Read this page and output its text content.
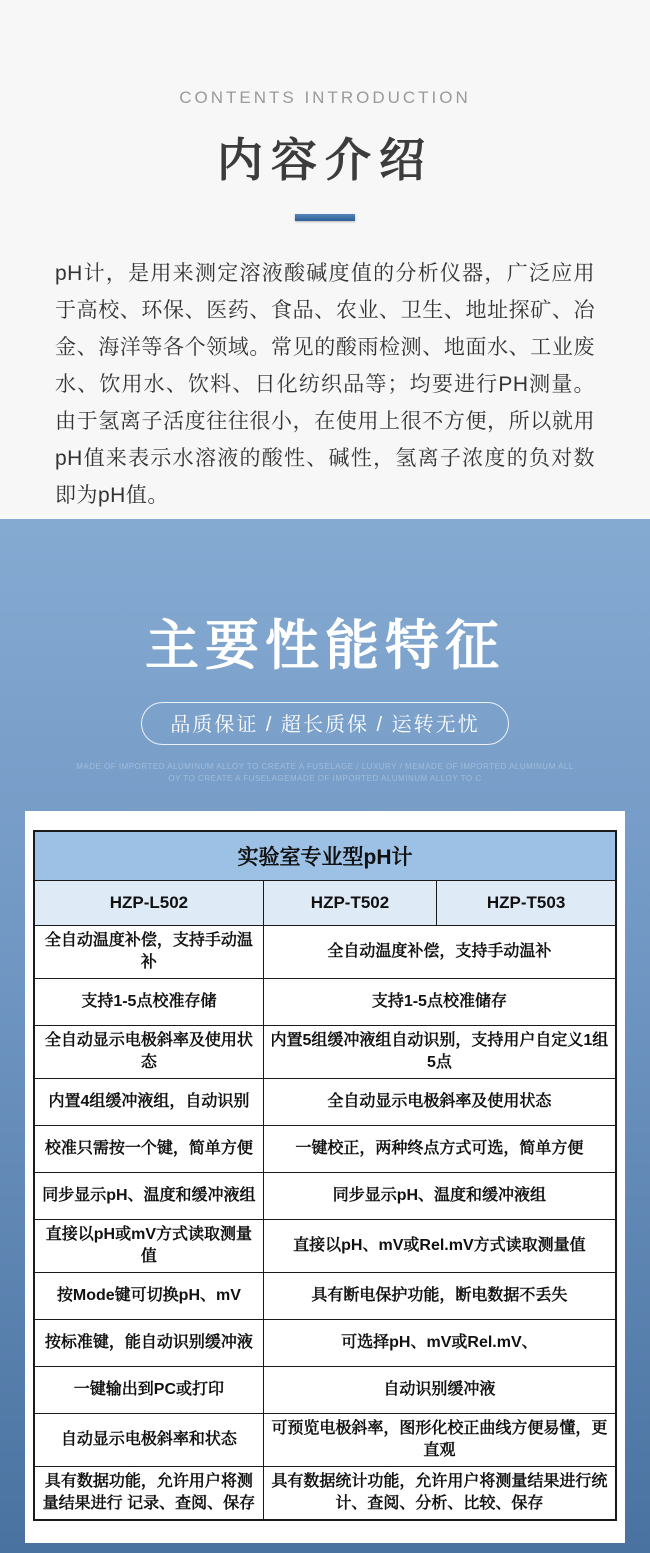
CONTENTS INTRODUCTION
内容介绍

pH计，是用来测定溶液酸碱度值的分析仪器，广泛应用于高校、环保、医药、食品、农业、卫生、地址探矿、冶金、海洋等各个领域。常见的酸雨检测、地面水、工业废水、饮用水、饮料、日化纺织品等；均要进行PH测量。由于氢离子活度往往很小，在使用上很不方便，所以就用pH值来表示水溶液的酸性、碱性，氢离子浓度的负对数即为pH值。

主要性能特征
品质保证 / 超长质保 / 运转无忧
MADE OF IMPORTED ALUMINUM ALLOY TO CREATE A FUSELAGE / LUXURY / MEMADE OF IMPORTED ALUMINUM ALL
OY TO CREATE A FUSELAGEMADE OF IMPORTED ALUMINUM ALLOY TO C
实验室专业型pH计		
HZP-L502	HZP-T502	HZP-T503
全自动温度补偿，支持手动温补	全自动温度补偿，支持手动温补	
支持1-5点校准存储	支持1-5点校准储存	
全自动显示电极斜率及使用状态	内置5组缓冲液组自动识别，支持用户自定义1组5点	
内置4组缓冲液组，自动识别	全自动显示电极斜率及使用状态	
校准只需按一个键，简单方便	一键校正，两种终点方式可选，简单方便	
同步显示pH、温度和缓冲液组	同步显示pH、温度和缓冲液组	
直接以pH或mV方式读取测量值	直接以pH、mV或Rel.mV方式读取测量值	
按Mode键可切换pH、mV	具有断电保护功能，断电数据不丢失	
按标准键，能自动识别缓冲液	可选择pH、mV或Rel.mV、	
一键输出到PC或打印	自动识别缓冲液	
自动显示电极斜率和状态	可预览电极斜率，图形化校正曲线方便易懂，更直观	
具有数据功能，允许用户将测量结果进行 记录、查阅、保存	具有数据统计功能，允许用户将测量结果进行统计、查阅、分析、比较、保存	
